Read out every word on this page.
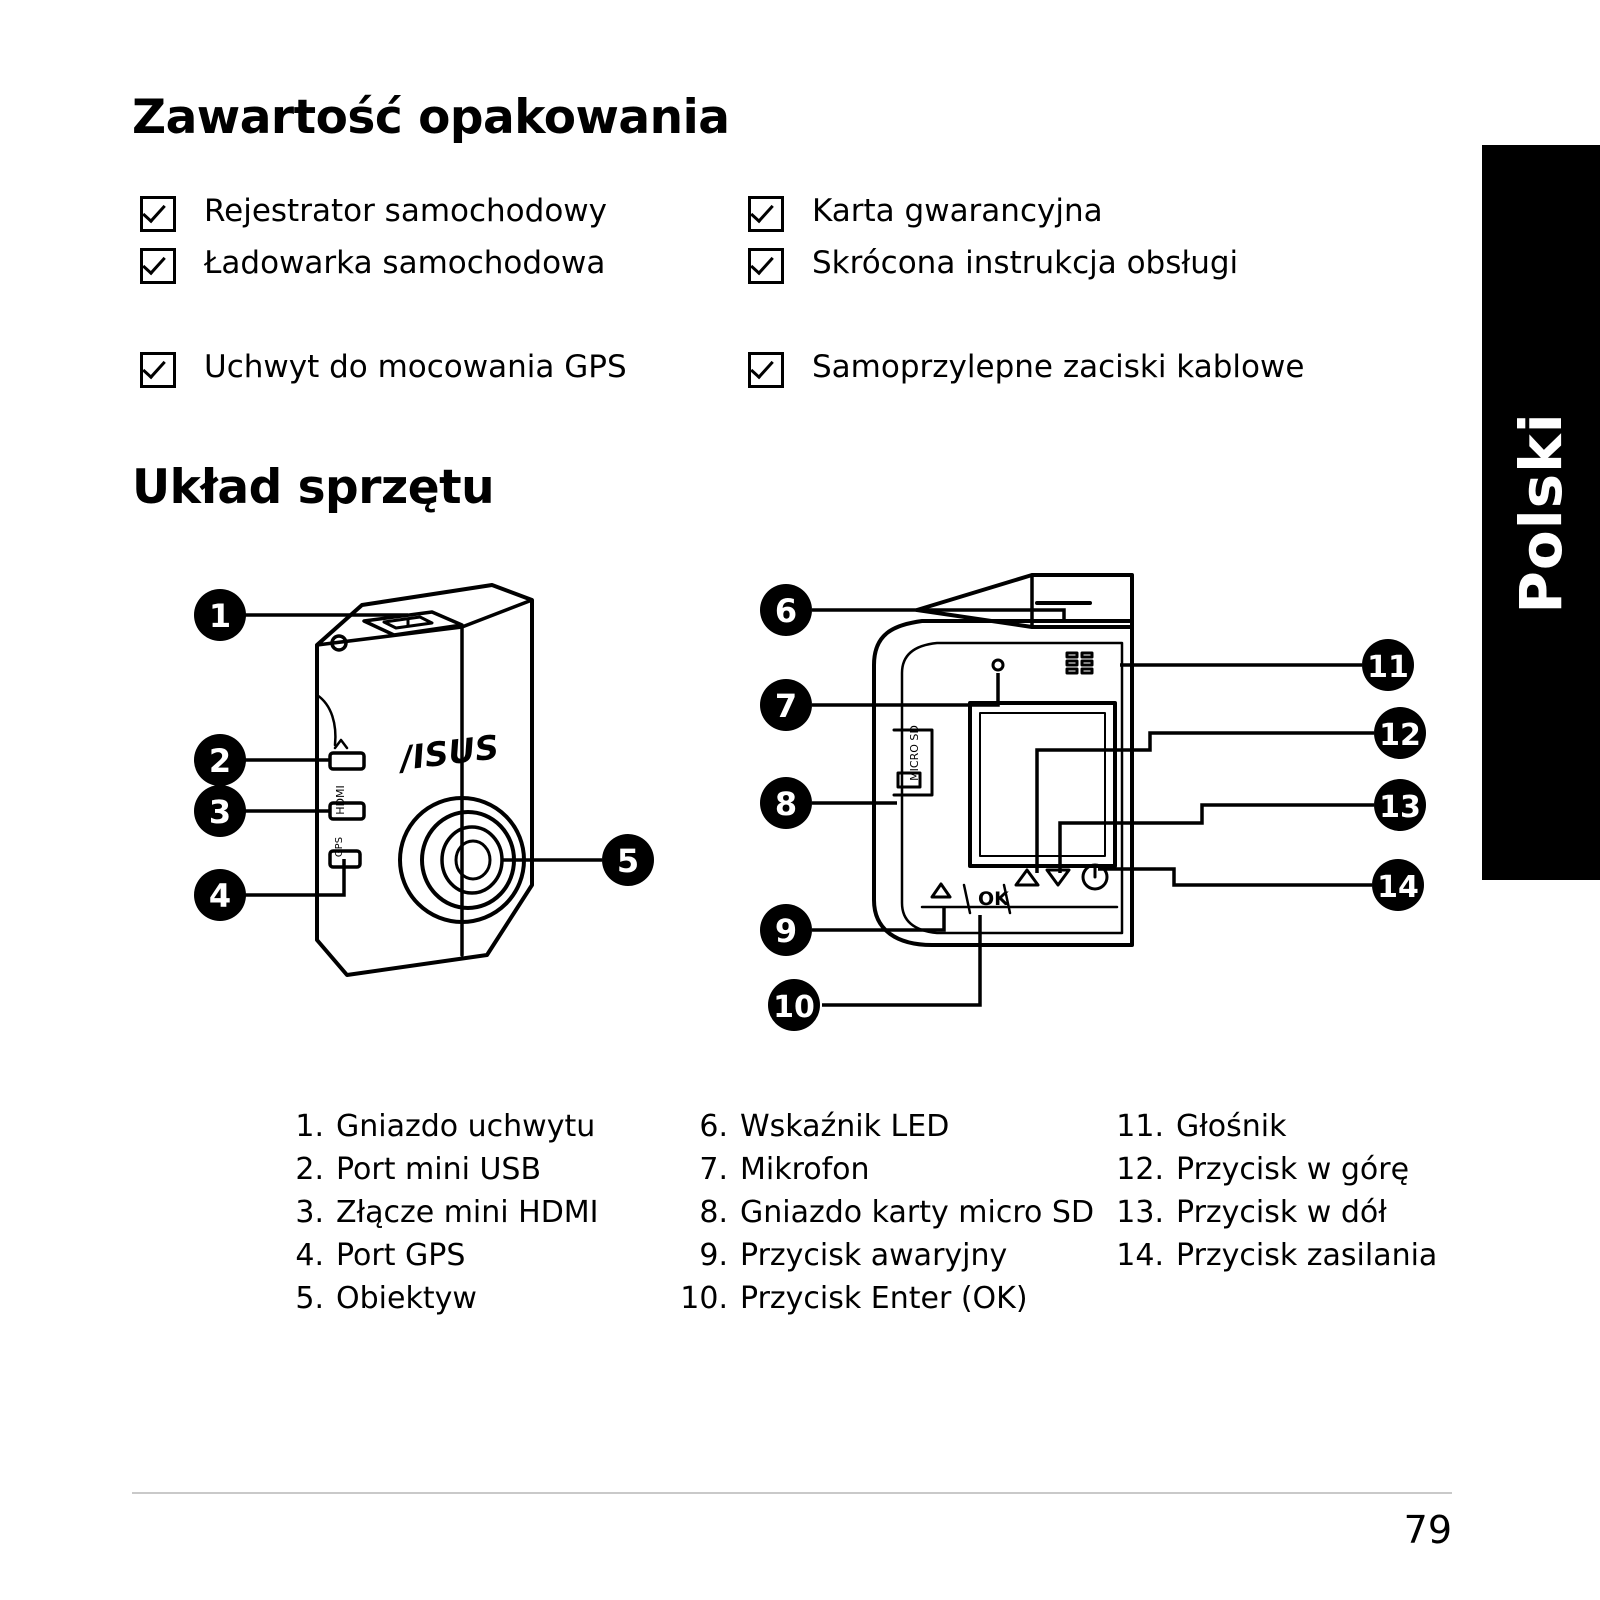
Polski
Zawartość opakowania
Rejestrator samochodowy
Ładowarka samochodowa
Uchwyt do mocowania GPS
Karta gwarancyjna
Skrócona instrukcja obsługi
Samoprzylepne zaciski kablowe
Układ sprzętu
HDMI
GPS
/ISUS
1
2
3
4
5
OK
MICRO SD
6
7
8
9
10
11
12
13
14
1. Gniazdo uchwytu
2. Port mini USB
3. Złącze mini HDMI
4. Port GPS
5. Obiektyw
6. Wskaźnik LED
7. Mikrofon
8. Gniazdo karty micro SD
9. Przycisk awaryjny
10. Przycisk Enter (OK)
11. Głośnik
12. Przycisk w górę
13. Przycisk w dół
14. Przycisk zasilania
79
